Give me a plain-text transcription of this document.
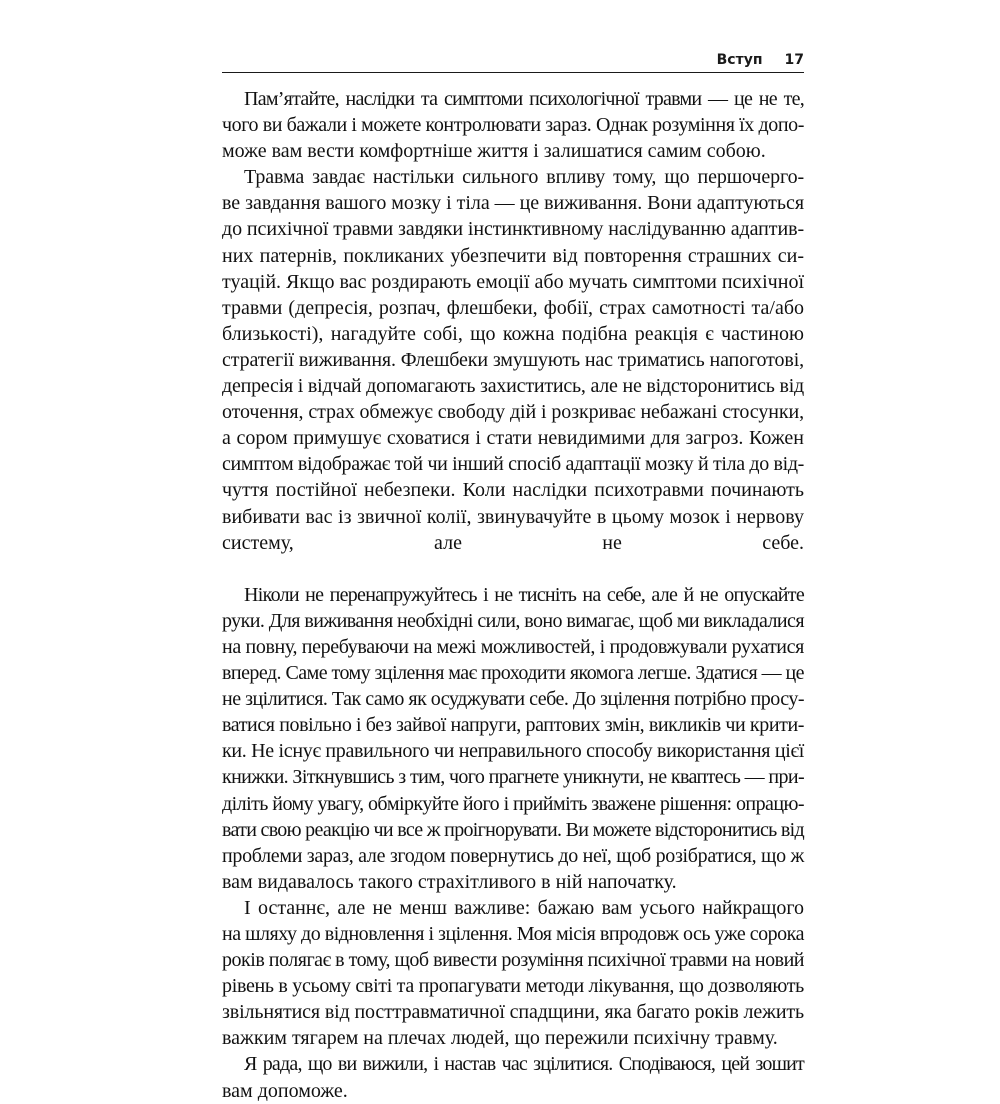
Вступ 17
Пам’ятайте, наслідки та симптоми психологічної травми — це не те,
чого ви бажали і можете контролювати зараз. Однак розуміння їх допо-
може вам вести комфортніше життя і залишатися самим собою.
Травма завдає настільки сильного впливу тому, що першочерго-
ве завдання вашого мозку і тіла — це виживання. Вони адаптуються
до психічної травми завдяки інстинктивному наслідуванню адаптив-
них патернів, покликаних убезпечити від повторення страшних си-
туацій. Якщо вас роздирають емоції або мучать симптоми психічної
травми (депресія, розпач, флешбеки, фобії, страх самотності та/або
близькості), нагадуйте собі, що кожна подібна реакція є частиною
стратегії виживання. Флешбеки змушують нас триматись напоготові,
депресія і відчай допомагають захиститись, але не відсторонитись від
оточення, страх обмежує свободу дій і розкриває небажані стосунки,
а сором примушує сховатися і стати невидимими для загроз. Кожен
симптом відображає той чи інший спосіб адаптації мозку й тіла до від-
чуття постійної небезпеки. Коли наслідки психотравми починають
вибивати вас із звичної колії, звинувачуйте в цьому мозок і нервову
систему, але не себе.
Ніколи не перенапружуйтесь і не тисніть на себе, але й не опускайте
руки. Для виживання необхідні сили, воно вимагає, щоб ми викладалися
на повну, перебуваючи на межі можливостей, і продовжували рухатися
вперед. Саме тому зцілення має проходити якомога легше. Здатися — це
не зцілитися. Так само як осуджувати себе. До зцілення потрібно просу-
ватися повільно і без зайвої напруги, раптових змін, викликів чи крити-
ки. Не існує правильного чи неправильного способу використання цієї
книжки. Зіткнувшись з тим, чого прагнете уникнути, не кваптесь — при-
діліть йому увагу, обміркуйте його і прийміть зважене рішення: опрацю-
вати свою реакцію чи все ж проігнорувати. Ви можете відсторонитись від
проблеми зараз, але згодом повернутись до неї, щоб розібратися, що ж
вам видавалось такого страхітливого в ній напочатку.
І останнє, але не менш важливе: бажаю вам усього найкращого
на шляху до відновлення і зцілення. Моя місія впродовж ось уже сорока
років полягає в тому, щоб вивести розуміння психічної травми на новий
рівень в усьому світі та пропагувати методи лікування, що дозволяють
звільнятися від посттравматичної спадщини, яка багато років лежить
важким тягарем на плечах людей, що пережили психічну травму.
Я рада, що ви вижили, і настав час зцілитися. Сподіваюся, цей зошит
вам допоможе.
